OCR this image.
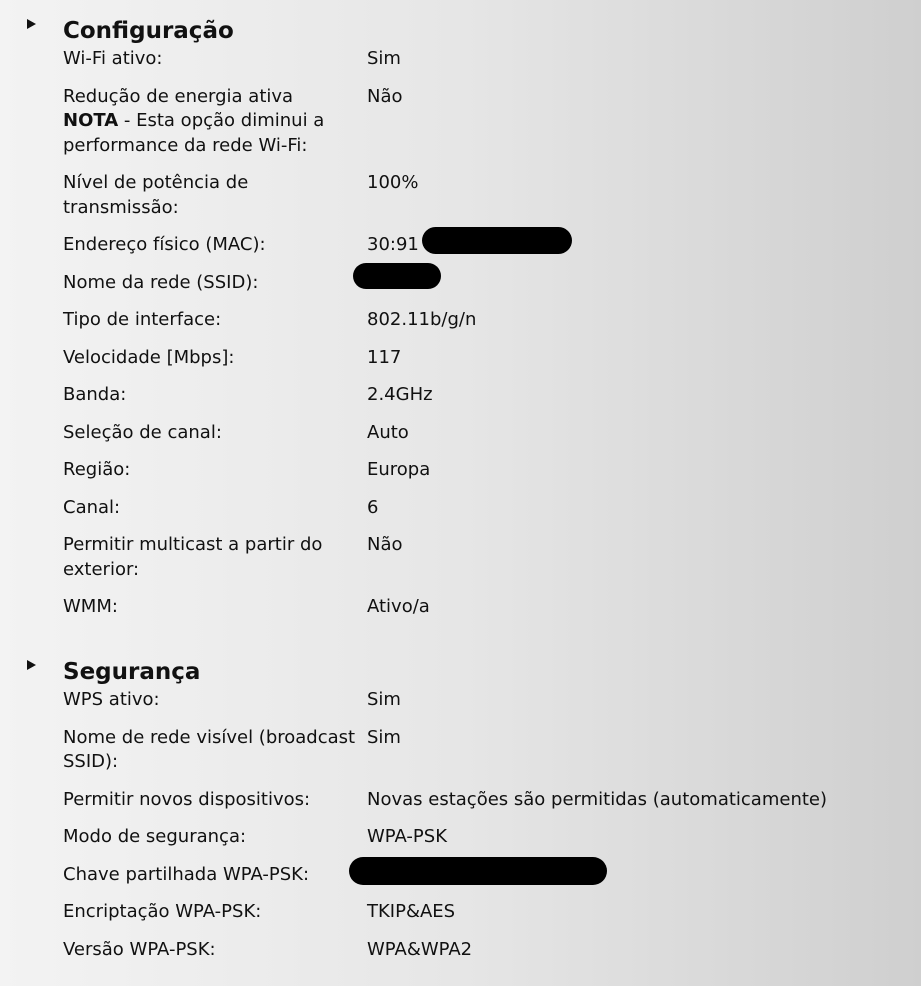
Configuração
Wi-Fi ativo:	Sim
Redução de energia ativa
NOTA - Esta opção diminui a performance da rede Wi-Fi:	Não
Nível de potência de transmissão:	100%
Endereço físico (MAC):	30:91

Nome da rede (SSID):	

Tipo de interface:	802.11b/g/n
Velocidade [Mbps]:	117
Banda:	2.4GHz
Seleção de canal:	Auto
Região:	Europa
Canal:	6
Permitir multicast a partir do exterior:	Não
WMM:	Ativo/a
Segurança
WPS ativo:	Sim
Nome de rede visível (broadcast SSID):	Sim
Permitir novos dispositivos:	Novas estações são permitidas (automaticamente)
Modo de segurança:	WPA-PSK
Chave partilhada WPA-PSK:	

Encriptação WPA-PSK:	TKIP&AES
Versão WPA-PSK:	WPA&WPA2
